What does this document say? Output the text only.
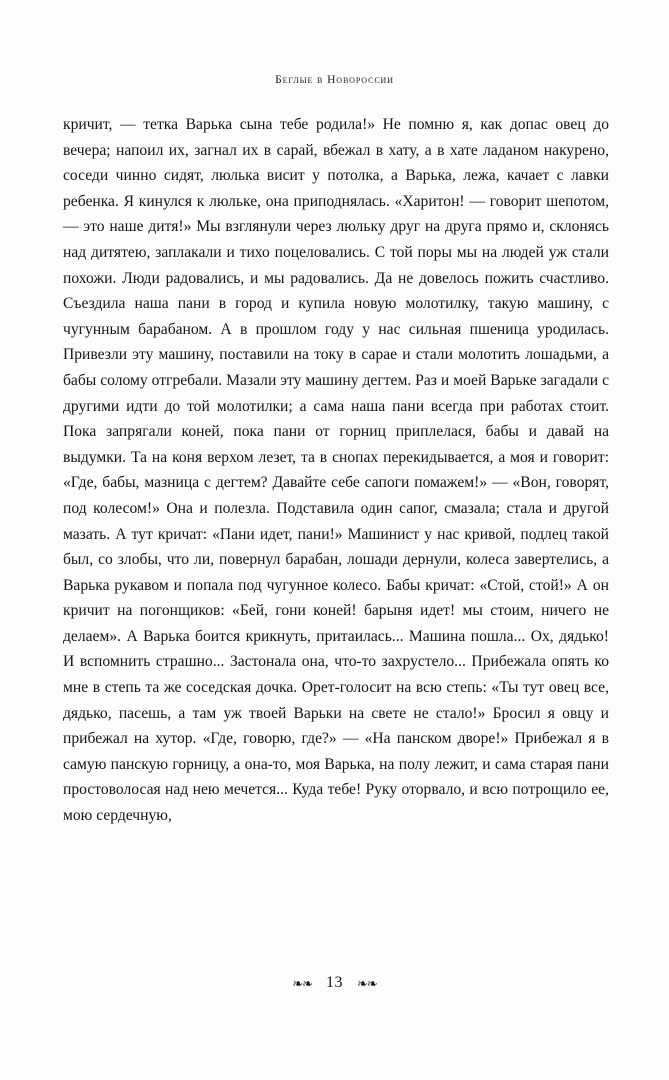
Беглые в Новороссии

кричит, — тетка Варька сына тебе родила!» Не помню я, как допас овец до вечера; напоил их, загнал их в сарай, вбежал в хату, а в хате ладаном накурено, соседи чинно сидят, люлька висит у потолка, а Варька, лежа, качает с лавки ребенка. Я кинулся к люльке, она приподнялась. «Харитон! — говорит шепотом, — это наше дитя!» Мы взглянули через люльку друг на друга прямо и, склонясь над дитятею, заплакали и тихо поцеловались. С той поры мы на людей уж стали похожи. Люди радовались, и мы радовались. Да не довелось пожить счастливо. Съездила наша пани в город и купила новую молотилку, такую машину, с чугунным барабаном. А в прошлом году у нас сильная пшеница уродилась. Привезли эту машину, поставили на току в сарае и стали молотить лошадьми, а бабы солому отгребали. Мазали эту машину дегтем. Раз и моей Варьке загадали с другими идти до той молотилки; а сама наша пани всегда при работах стоит. Пока запрягали коней, пока пани от горниц приплелася, бабы и давай на выдумки. Та на коня верхом лезет, та в снопах перекидывается, а моя и говорит: «Где, бабы, мазница с дегтем? Давайте себе сапоги помажем!» — «Вон, говорят, под колесом!» Она и полезла. Подставила один сапог, смазала; стала и другой мазать. А тут кричат: «Пани идет, пани!» Машинист у нас кривой, подлец такой был, со злобы, что ли, повернул барабан, лошади дернули, колеса завертелись, а Варька рукавом и попала под чугунное колесо. Бабы кричат: «Стой, стой!» А он кричит на погонщиков: «Бей, гони коней! барыня идет! мы стоим, ничего не делаем». А Варька боится крикнуть, притаилась... Машина пошла... Ох, дядько! И вспомнить страшно... Застонала она, что-то захрустело... Прибежала опять ко мне в степь та же соседская дочка. Орет-голосит на всю степь: «Ты тут овец все, дядько, пасешь, а там уж твоей Варьки на свете не стало!» Бросил я овцу и прибежал на хутор. «Где, говорю, где?» — «На панском дворе!» Прибежал я в самую панскую горницу, а она-то, моя Варька, на полу лежит, и сама старая пани простоволосая над нею мечется... Куда тебе! Руку оторвало, и всю потрощило ее, мою сердечную,

❧❧ 13 ❧❧
